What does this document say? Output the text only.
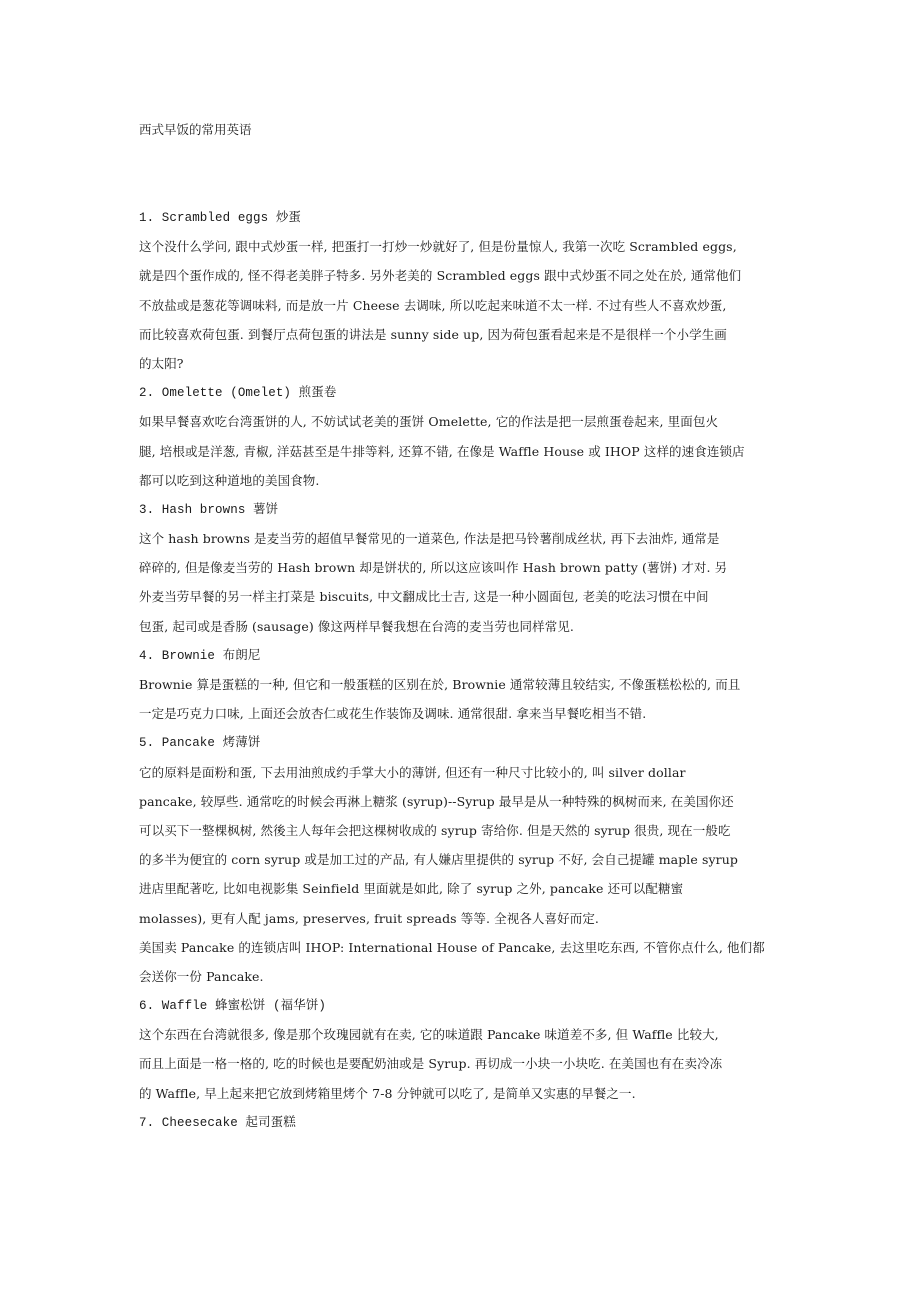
西式早饭的常用英语
1. Scrambled eggs 炒蛋
这个没什么学问, 跟中式炒蛋一样, 把蛋打一打炒一炒就好了, 但是份量惊人, 我第一次吃 Scrambled eggs,
就是四个蛋作成的, 怪不得老美胖子特多. 另外老美的 Scrambled eggs 跟中式炒蛋不同之处在於, 通常他们
不放盐或是葱花等调味料, 而是放一片 Cheese 去调味, 所以吃起来味道不太一样. 不过有些人不喜欢炒蛋,
而比较喜欢荷包蛋. 到餐厅点荷包蛋的讲法是 sunny side up, 因为荷包蛋看起来是不是很样一个小学生画
的太阳?
2. Omelette (Omelet) 煎蛋卷
如果早餐喜欢吃台湾蛋饼的人, 不妨试试老美的蛋饼 Omelette, 它的作法是把一层煎蛋卷起来, 里面包火
腿, 培根或是洋葱, 青椒, 洋菇甚至是牛排等料, 还算不错, 在像是 Waffle House 或 IHOP 这样的速食连锁店
都可以吃到这种道地的美国食物.
3. Hash browns 薯饼
这个 hash browns 是麦当劳的超值早餐常见的一道菜色, 作法是把马铃薯削成丝状, 再下去油炸, 通常是
碎碎的, 但是像麦当劳的 Hash brown 却是饼状的, 所以这应该叫作 Hash brown patty (薯饼) 才对. 另
外麦当劳早餐的另一样主打菜是 biscuits, 中文翻成比士吉, 这是一种小圆面包, 老美的吃法习惯在中间
包蛋, 起司或是香肠 (sausage) 像这两样早餐我想在台湾的麦当劳也同样常见.
4. Brownie 布朗尼
Brownie 算是蛋糕的一种, 但它和一般蛋糕的区别在於, Brownie 通常较薄且较结实, 不像蛋糕松松的, 而且
一定是巧克力口味, 上面还会放杏仁或花生作装饰及调味. 通常很甜. 拿来当早餐吃相当不错.
5. Pancake 烤薄饼
它的原料是面粉和蛋, 下去用油煎成约手掌大小的薄饼, 但还有一种尺寸比较小的, 叫 silver dollar
pancake, 较厚些. 通常吃的时候会再淋上糖浆 (syrup)--Syrup 最早是从一种特殊的枫树而来, 在美国你还
可以买下一整棵枫树, 然後主人每年会把这棵树收成的 syrup 寄给你. 但是天然的 syrup 很贵, 现在一般吃
的多半为便宜的 corn syrup 或是加工过的产品, 有人嫌店里提供的 syrup 不好, 会自己提罐 maple syrup
进店里配著吃, 比如电视影集 Seinfield 里面就是如此, 除了 syrup 之外, pancake 还可以配糖蜜
molasses), 更有人配 jams, preserves, fruit spreads 等等. 全视各人喜好而定.
美国卖 Pancake 的连锁店叫 IHOP: International House of Pancake, 去这里吃东西, 不管你点什么, 他们都
会送你一份 Pancake.
6. Waffle 蜂蜜松饼 (福华饼)
这个东西在台湾就很多, 像是那个玫瑰园就有在卖, 它的味道跟 Pancake 味道差不多, 但 Waffle 比较大,
而且上面是一格一格的, 吃的时候也是要配奶油或是 Syrup. 再切成一小块一小块吃. 在美国也有在卖冷冻
的 Waffle, 早上起来把它放到烤箱里烤个 7-8 分钟就可以吃了, 是简单又实惠的早餐之一.
7. Cheesecake 起司蛋糕
